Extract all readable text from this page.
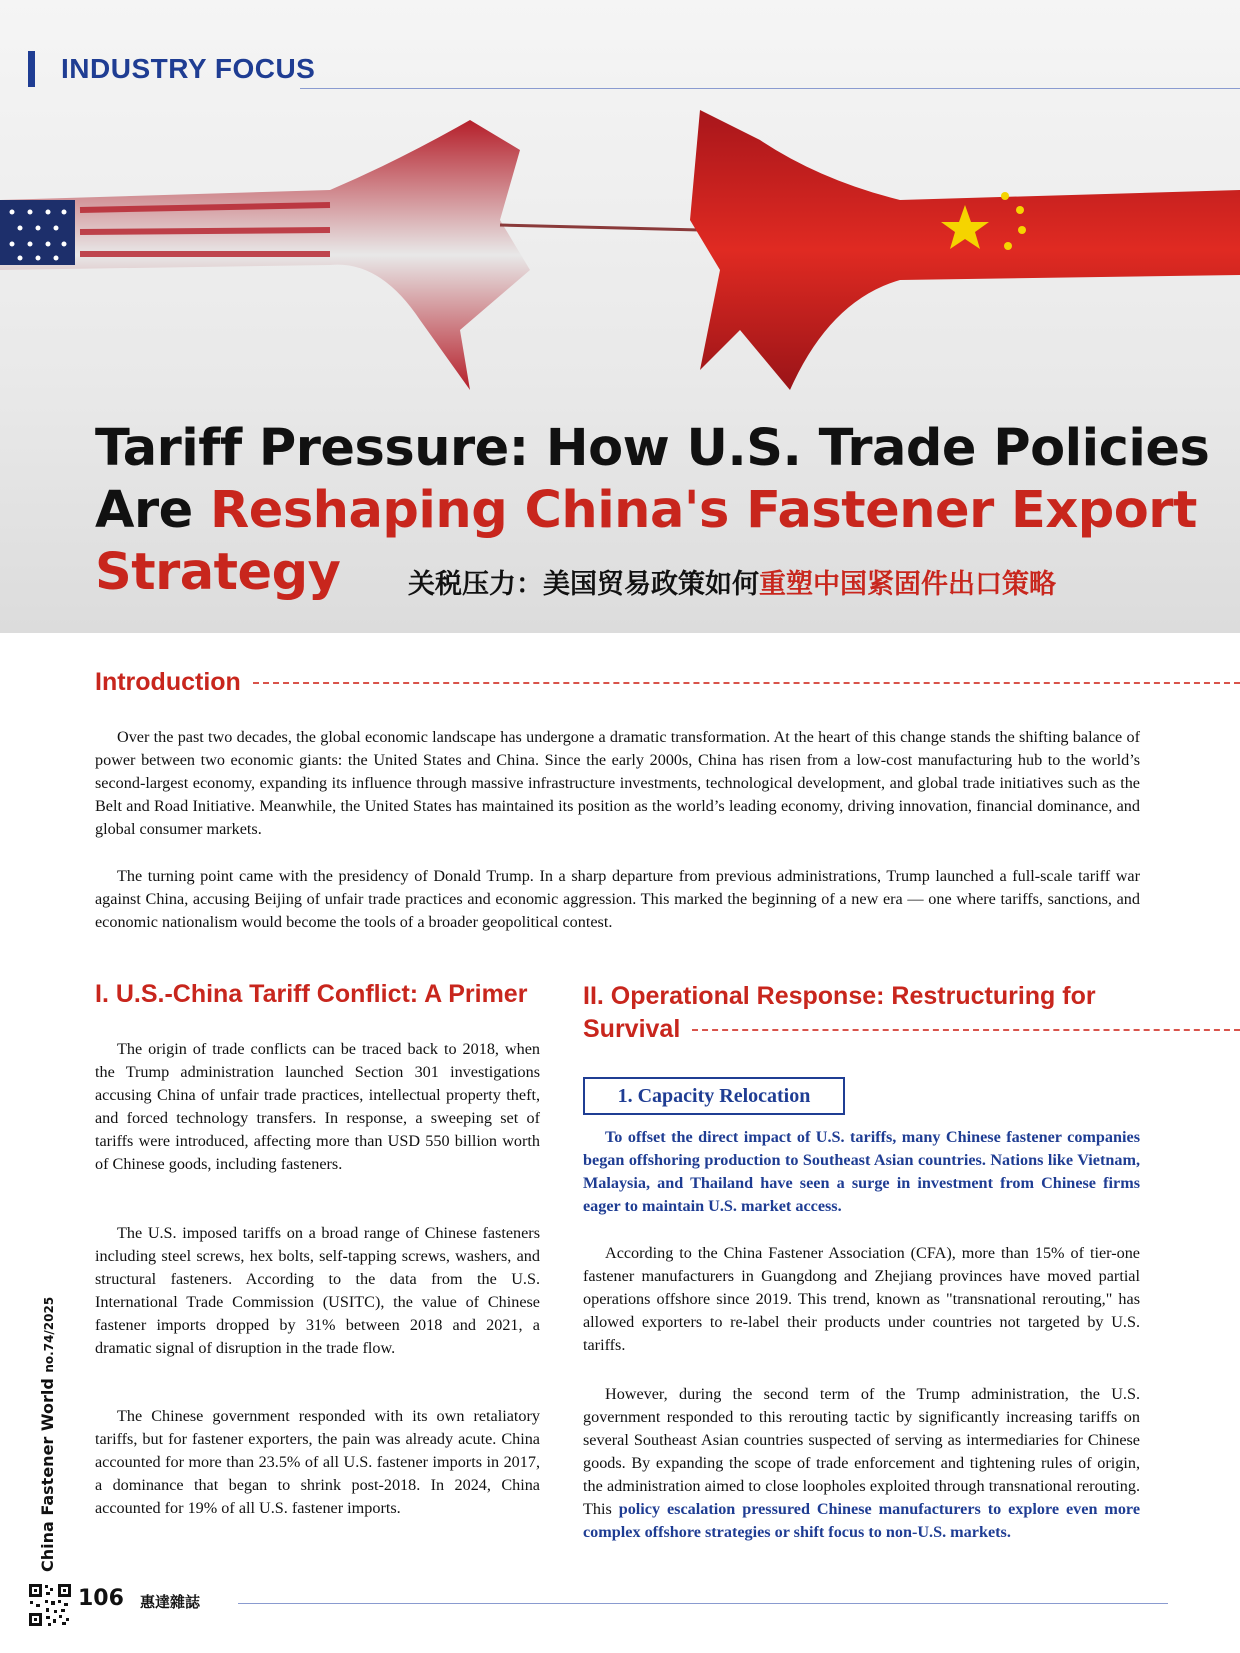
INDUSTRY FOCUS
Tariff Pressure: How U.S. Trade Policies
Are Reshaping China's Fastener Export
Strategy	关税压力：美国贸易政策如何重塑中国紧固件出口策略
Introduction

Over the past two decades, the global economic landscape has undergone a dramatic transformation. At the heart of this change stands the shifting balance of power between two economic giants: the United States and China. Since the early 2000s, China has risen from a low-cost manufacturing hub to the world’s second-largest economy, expanding its influence through massive infrastructure investments, technological development, and global trade initiatives such as the Belt and Road Initiative. Meanwhile, the United States has maintained its position as the world’s leading economy, driving innovation, financial dominance, and global consumer markets.

The turning point came with the presidency of Donald Trump. In a sharp departure from previous administrations, Trump launched a full-scale tariff war against China, accusing Beijing of unfair trade practices and economic aggression. This marked the beginning of a new era — one where tariffs, sanctions, and economic nationalism would become the tools of a broader geopolitical contest.

I. U.S.-China Tariff Conflict: A Primer

The origin of trade conflicts can be traced back to 2018, when the Trump administration launched Section 301 investigations accusing China of unfair trade practices, intellectual property theft, and forced technology transfers. In response, a sweeping set of tariffs were introduced, affecting more than USD 550 billion worth of Chinese goods, including fasteners.

The U.S. imposed tariffs on a broad range of Chinese fasteners including steel screws, hex bolts, self-tapping screws, washers, and structural fasteners. According to the data from the U.S. International Trade Commission (USITC), the value of Chinese fastener imports dropped by 31% between 2018 and 2021, a dramatic signal of disruption in the trade flow.

The Chinese government responded with its own retaliatory tariffs, but for fastener exporters, the pain was already acute. China accounted for more than 23.5% of all U.S. fastener imports in 2017, a dominance that began to shrink post-2018. In 2024, China accounted for 19% of all U.S. fastener imports.

II. Operational Response: Restructuring for
Survival
1. Capacity Relocation

To offset the direct impact of U.S. tariffs, many Chinese fastener companies began offshoring production to Southeast Asian countries. Nations like Vietnam, Malaysia, and Thailand have seen a surge in investment from Chinese firms eager to maintain U.S. market access.

According to the China Fastener Association (CFA), more than 15% of tier-one fastener manufacturers in Guangdong and Zhejiang provinces have moved partial operations offshore since 2019. This trend, known as "transnational rerouting," has allowed exporters to re-label their products under countries not targeted by U.S. tariffs.

However, during the second term of the Trump administration, the U.S. government responded to this rerouting tactic by significantly increasing tariffs on several Southeast Asian countries suspected of serving as intermediaries for Chinese goods. By expanding the scope of trade enforcement and tightening rules of origin, the administration aimed to close loopholes exploited through transnational rerouting. This policy escalation pressured Chinese manufacturers to explore even more complex offshore strategies or shift focus to non-U.S. markets.

China Fastener World no.74/2025
106 惠達雜誌
